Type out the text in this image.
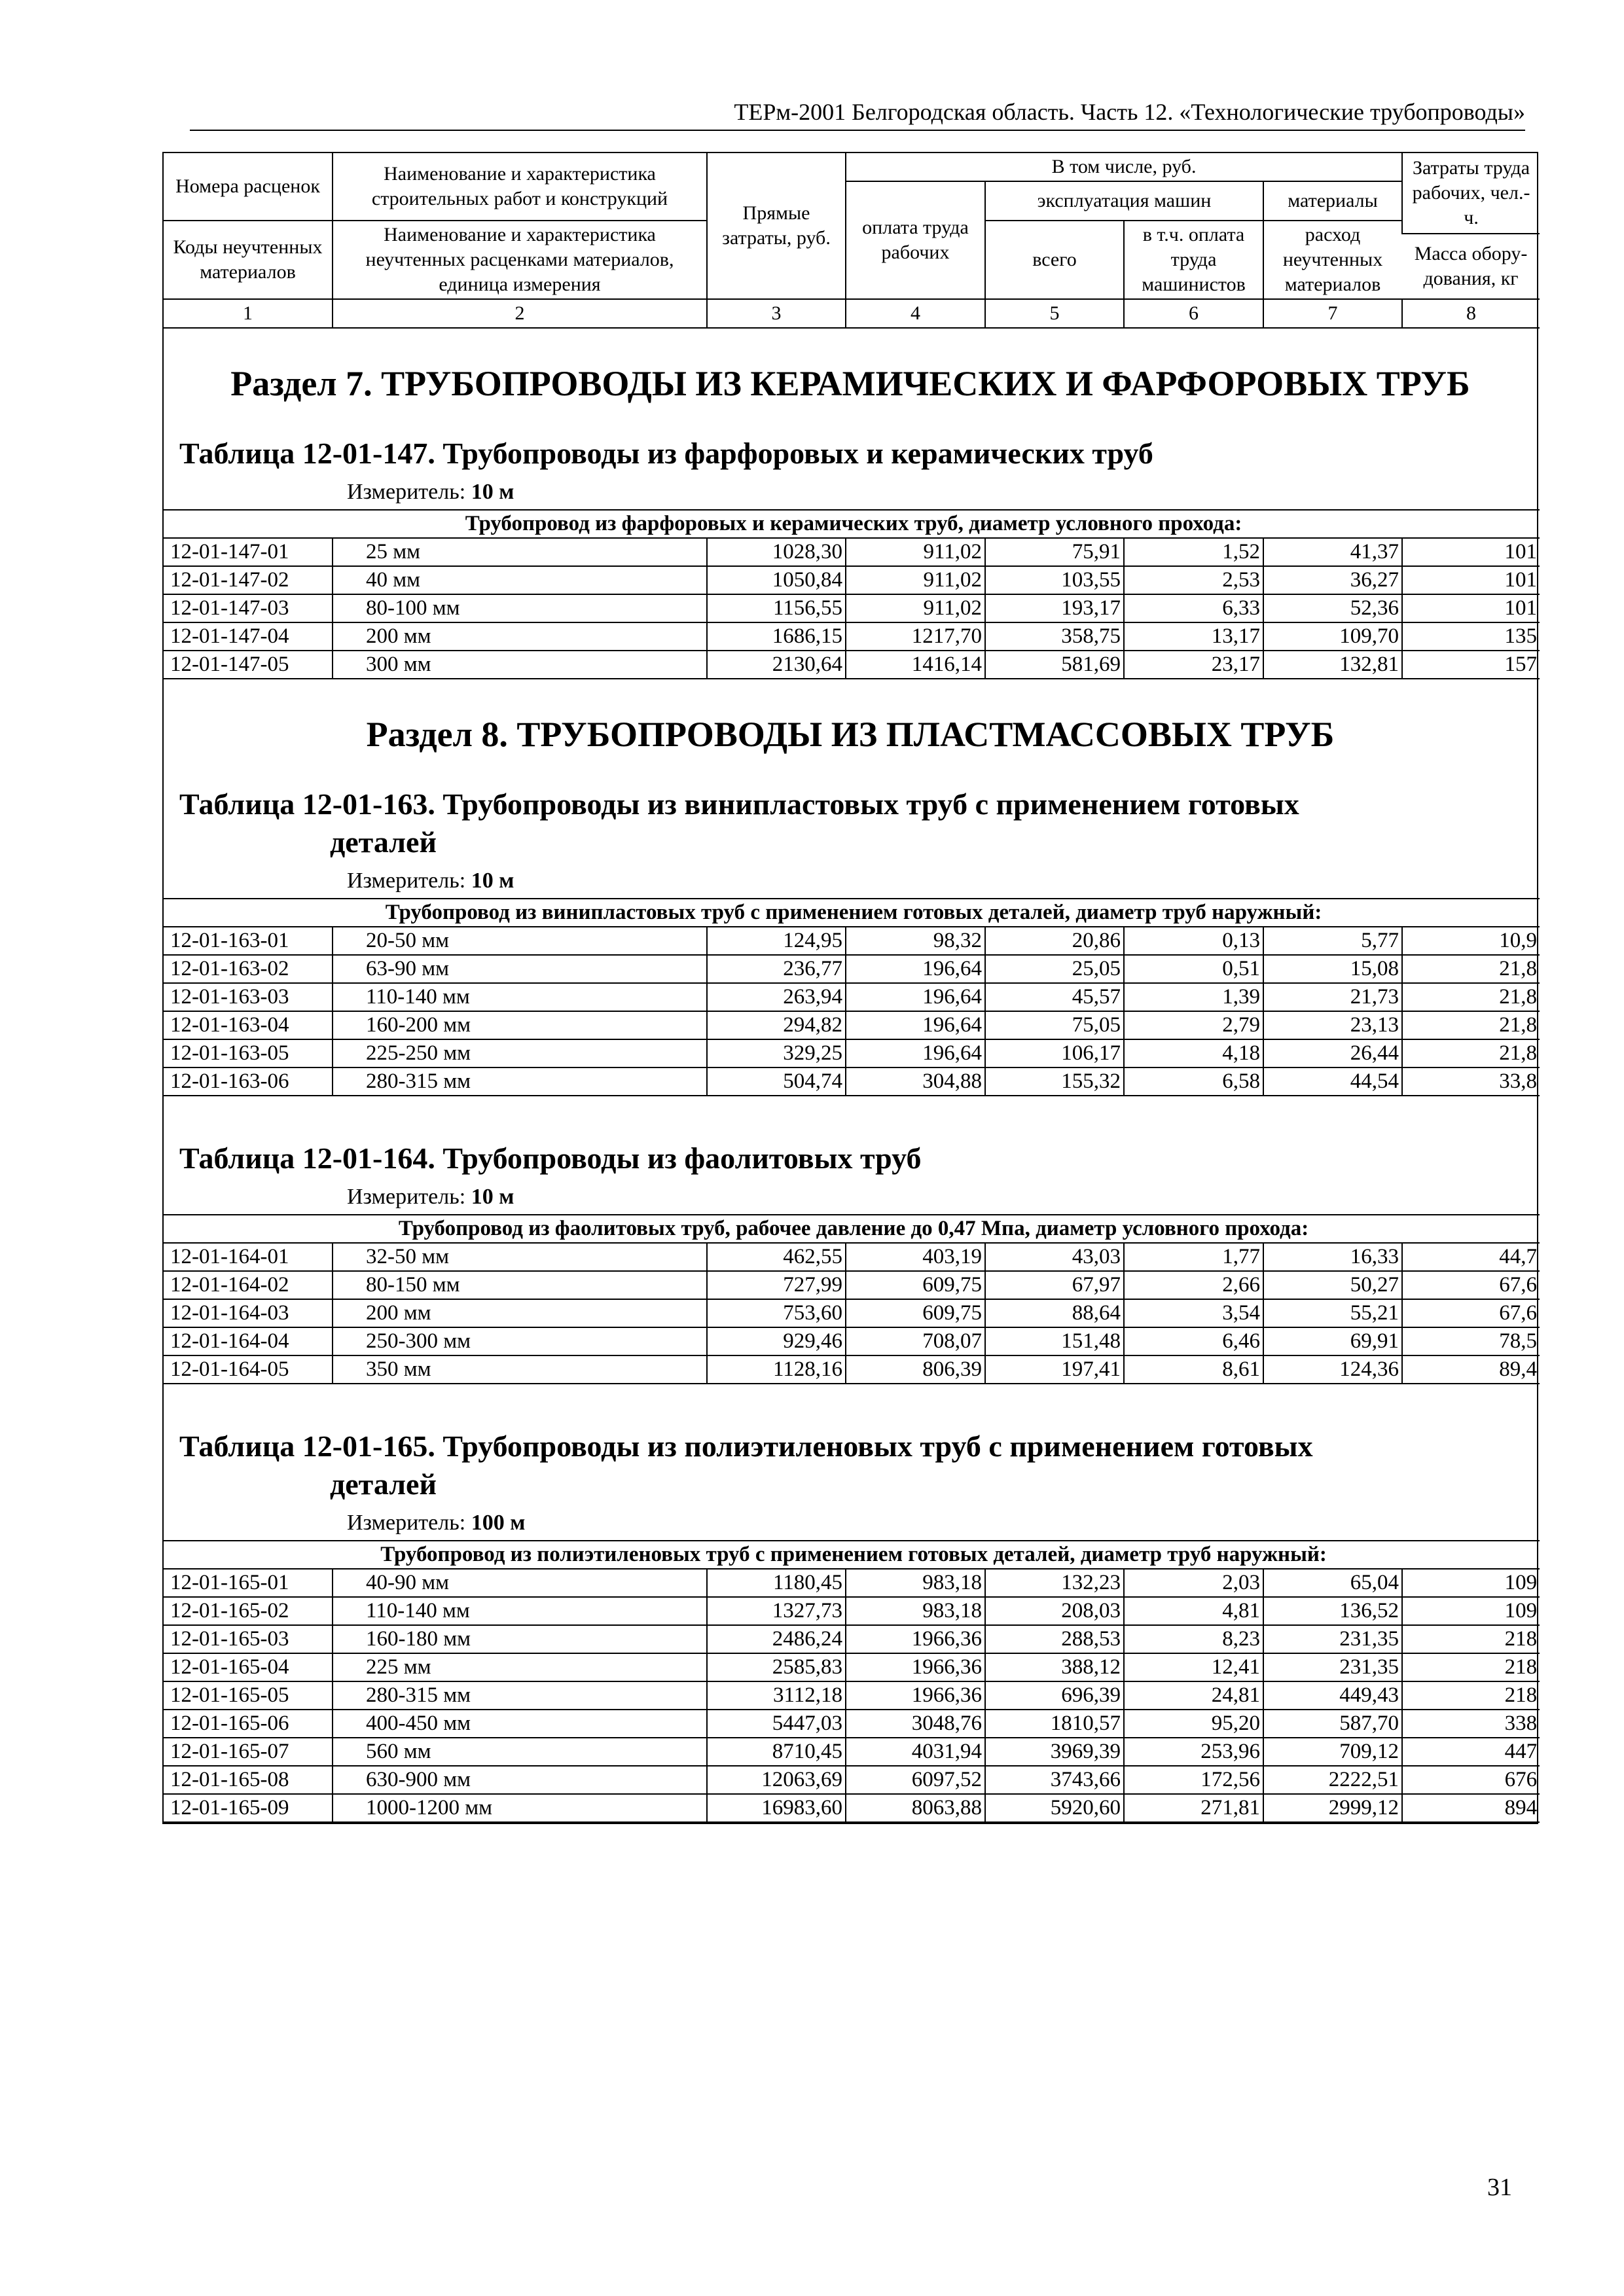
ТЕРм-2001 Белгородская область. Часть 12. «Технологические трубопроводы»
Номера расценок	Наименование и характеристика строительных работ и конструкций	Прямые затраты, руб.	В том числе, руб.				Затраты труда рабочих, чел.-ч.
			оплата труда рабочих	эксплуатация машин		материалы	
Коды неучтенных материалов	Наименование и характеристика неучтенных расценками материалов, единица измерения			всего	в т.ч. оплата труда машинистов	расход неучтенных материалов	
							Масса обору-дования, кг
1	2	3	4	5	6	7	8
Раздел 7. ТРУБОПРОВОДЫ ИЗ КЕРАМИЧЕСКИХ И ФАРФОРОВЫХ ТРУБ
Таблица 12-01-147. Трубопроводы из фарфоровых и керамических труб
Измеритель: 10 м
Трубопровод из фарфоровых и керамических труб, диаметр условного прохода:							
12-01-147-01	25 мм	1028,30	911,02	75,91	1,52	41,37	101
12-01-147-02	40 мм	1050,84	911,02	103,55	2,53	36,27	101
12-01-147-03	80-100 мм	1156,55	911,02	193,17	6,33	52,36	101
12-01-147-04	200 мм	1686,15	1217,70	358,75	13,17	109,70	135
12-01-147-05	300 мм	2130,64	1416,14	581,69	23,17	132,81	157
Раздел 8. ТРУБОПРОВОДЫ ИЗ ПЛАСТМАССОВЫХ ТРУБ
Таблица 12-01-163. Трубопроводы из винипластовых труб с применением готовых
деталей
Измеритель: 10 м
Трубопровод из винипластовых труб с применением готовых деталей, диаметр труб наружный:							
12-01-163-01	20-50 мм	124,95	98,32	20,86	0,13	5,77	10,9
12-01-163-02	63-90 мм	236,77	196,64	25,05	0,51	15,08	21,8
12-01-163-03	110-140 мм	263,94	196,64	45,57	1,39	21,73	21,8
12-01-163-04	160-200 мм	294,82	196,64	75,05	2,79	23,13	21,8
12-01-163-05	225-250 мм	329,25	196,64	106,17	4,18	26,44	21,8
12-01-163-06	280-315 мм	504,74	304,88	155,32	6,58	44,54	33,8
Таблица 12-01-164. Трубопроводы из фаолитовых труб
Измеритель: 10 м
Трубопровод из фаолитовых труб, рабочее давление до 0,47 Мпа, диаметр условного прохода:							
12-01-164-01	32-50 мм	462,55	403,19	43,03	1,77	16,33	44,7
12-01-164-02	80-150 мм	727,99	609,75	67,97	2,66	50,27	67,6
12-01-164-03	200 мм	753,60	609,75	88,64	3,54	55,21	67,6
12-01-164-04	250-300 мм	929,46	708,07	151,48	6,46	69,91	78,5
12-01-164-05	350 мм	1128,16	806,39	197,41	8,61	124,36	89,4
Таблица 12-01-165. Трубопроводы из полиэтиленовых труб с применением готовых
деталей
Измеритель: 100 м
Трубопровод из полиэтиленовых труб с применением готовых деталей, диаметр труб наружный:							
12-01-165-01	40-90 мм	1180,45	983,18	132,23	2,03	65,04	109
12-01-165-02	110-140 мм	1327,73	983,18	208,03	4,81	136,52	109
12-01-165-03	160-180 мм	2486,24	1966,36	288,53	8,23	231,35	218
12-01-165-04	225 мм	2585,83	1966,36	388,12	12,41	231,35	218
12-01-165-05	280-315 мм	3112,18	1966,36	696,39	24,81	449,43	218
12-01-165-06	400-450 мм	5447,03	3048,76	1810,57	95,20	587,70	338
12-01-165-07	560 мм	8710,45	4031,94	3969,39	253,96	709,12	447
12-01-165-08	630-900 мм	12063,69	6097,52	3743,66	172,56	2222,51	676
12-01-165-09	1000-1200 мм	16983,60	8063,88	5920,60	271,81	2999,12	894
31
